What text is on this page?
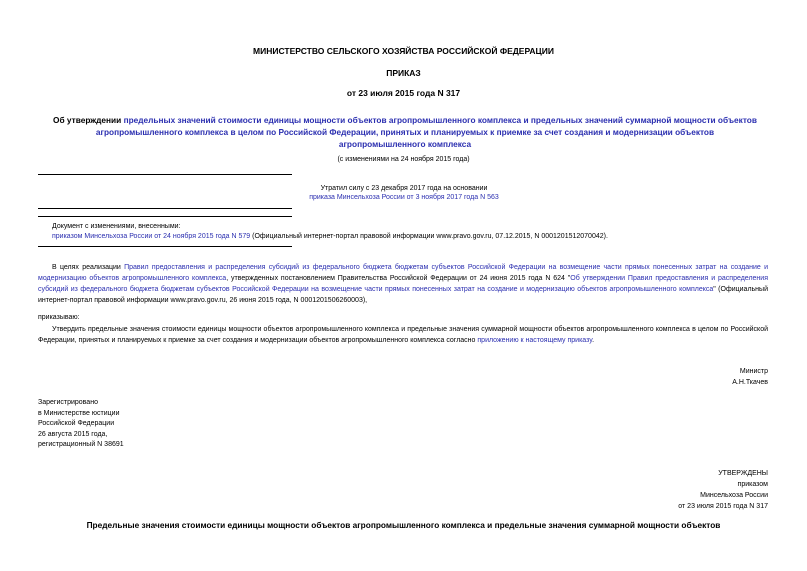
МИНИСТЕРСТВО СЕЛЬСКОГО ХОЗЯЙСТВА РОССИЙСКОЙ ФЕДЕРАЦИИ
ПРИКАЗ
от 23 июля 2015 года N 317
Об утверждении предельных значений стоимости единицы мощности объектов агропромышленного комплекса и предельных значений суммарной мощности объектов агропромышленного комплекса в целом по Российской Федерации, принятых и планируемых к приемке за счет создания и модернизации объектов агропромышленного комплекса
(с изменениями на 24 ноября 2015 года)
Утратил силу с 23 декабря 2017 года на основании
приказа Минсельхоза России от 3 ноября 2017 года N 563
Документ с изменениями, внесенными:
приказом Минсельхоза России от 24 ноября 2015 года N 579 (Официальный интернет-портал правовой информации www.pravo.gov.ru, 07.12.2015, N 0001201512070042).
В целях реализации Правил предоставления и распределения субсидий из федерального бюджета бюджетам субъектов Российской Федерации на возмещение части прямых понесенных затрат на создание и модернизацию объектов агропромышленного комплекса, утвержденных постановлением Правительства Российской Федерации от 24 июня 2015 года N 624 "Об утверждении Правил предоставления и распределения субсидий из федерального бюджета бюджетам субъектов Российской Федерации на возмещение части прямых понесенных затрат на создание и модернизацию объектов агропромышленного комплекса" (Официальный интернет-портал правовой информации www.pravo.gov.ru, 26 июня 2015 года, N 0001201506260003),
приказываю:
Утвердить предельные значения стоимости единицы мощности объектов агропромышленного комплекса и предельные значения суммарной мощности объектов агропромышленного комплекса в целом по Российской Федерации, принятых и планируемых к приемке за счет создания и модернизации объектов агропромышленного комплекса согласно приложению к настоящему приказу.
Министр
А.Н.Ткачев
Зарегистрировано
в Министерстве юстиции
Российской Федерации
26 августа 2015 года,
регистрационный N 38691
УТВЕРЖДЕНЫ
приказом
Минсельхоза России
от 23 июля 2015 года N 317
Предельные значения стоимости единицы мощности объектов агропромышленного комплекса и предельные значения суммарной мощности объектов
